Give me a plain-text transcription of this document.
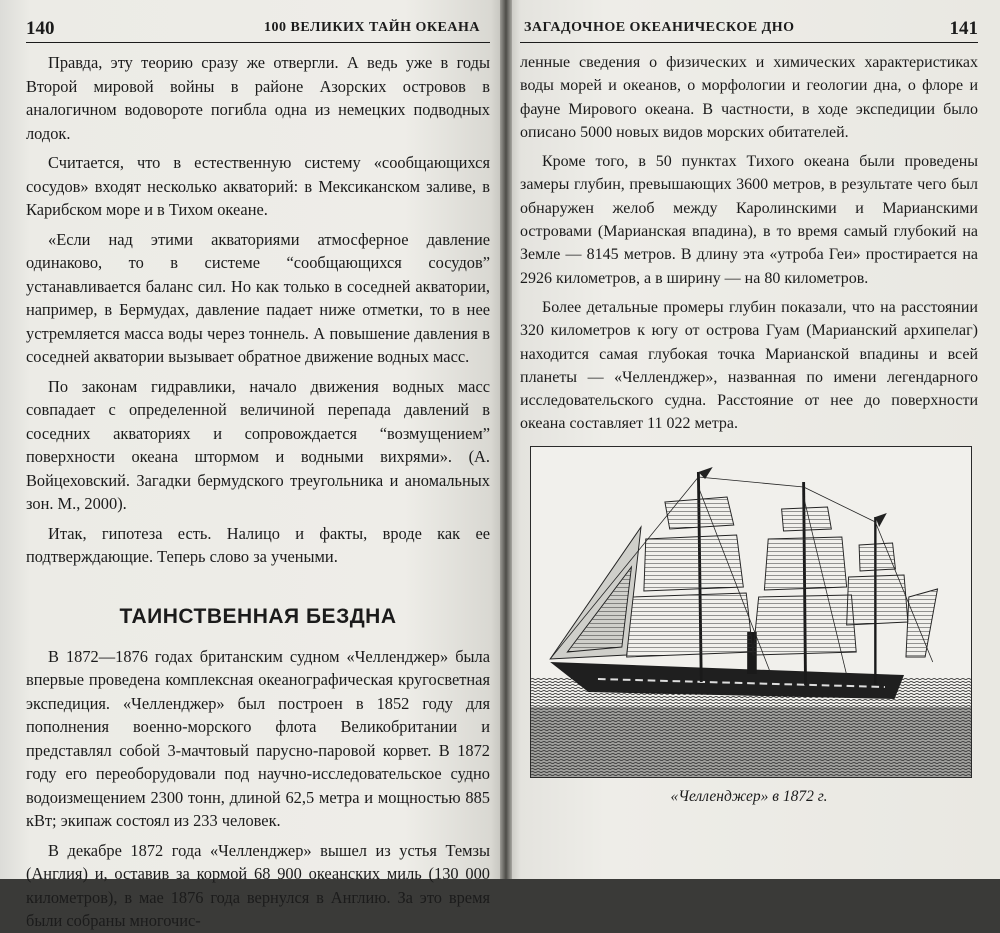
140	100 ВЕЛИКИХ ТАЙН ОКЕАНА

Правда, эту теорию сразу же отвергли. А ведь уже в годы Второй мировой войны в районе Азорских островов в аналогичном водовороте погибла одна из немецких подводных лодок.

Считается, что в естественную систему «сообщающихся сосудов» входят несколько акваторий: в Мексиканском заливе, в Карибском море и в Тихом океане.

«Если над этими акваториями атмосферное давление одинаково, то в системе “сообщающихся сосудов” устанавливается баланс сил. Но как только в соседней акватории, например, в Бермудах, давление падает ниже отметки, то в нее устремляется масса воды через тоннель. А повышение давления в соседней акватории вызывает обратное движение водных масс.

По законам гидравлики, начало движения водных масс совпадает с определенной величиной перепада давлений в соседних акваториях и сопровождается “возмущением” поверхности океана штормом и водными вихрями». (А. Войцеховский. Загадки бермудского треугольника и аномальных зон. М., 2000).

Итак, гипотеза есть. Налицо и факты, вроде как ее подтверждающие. Теперь слово за учеными.

ТАИНСТВЕННАЯ БЕЗДНА

В 1872—1876 годах британским судном «Челленджер» была впервые проведена комплексная океанографическая кругосветная экспедиция. «Челленджер» был построен в 1852 году для пополнения военно-морского флота Великобритании и представлял собой 3-мачтовый парусно-паровой корвет. В 1872 году его переоборудовали под научно-исследовательское судно водоизмещением 2300 тонн, длиной 62,5 метра и мощностью 885 кВт; экипаж состоял из 233 человек.

В декабре 1872 года «Челленджер» вышел из устья Темзы (Англия) и, оставив за кормой 68 900 океанских миль (130 000 километров), в мае 1876 года вернулся в Англию. За это время были собраны многочис-

ЗАГАДОЧНОЕ ОКЕАНИЧЕСКОЕ ДНО	141

ленные сведения о физических и химических характеристиках воды морей и океанов, о морфологии и геологии дна, о флоре и фауне Мирового океана. В частности, в ходе экспедиции было описано 5000 новых видов морских обитателей.

Кроме того, в 50 пунктах Тихого океана были проведены замеры глубин, превышающих 3600 метров, в результате чего был обнаружен желоб между Каролинскими и Марианскими островами (Марианская впадина), в то время самый глубокий на Земле — 8145 метров. В длину эта «утроба Геи» простирается на 2926 километров, а в ширину — на 80 километров.

Более детальные промеры глубин показали, что на расстоянии 320 километров к югу от острова Гуам (Марианский архипелаг) находится самая глубокая точка Марианской впадины и всей планеты — «Челленджер», названная по имени легендарного исследовательского судна. Расстояние от нее до поверхности океана составляет 11 022 метра.

«Челленджер» в 1872 г.
